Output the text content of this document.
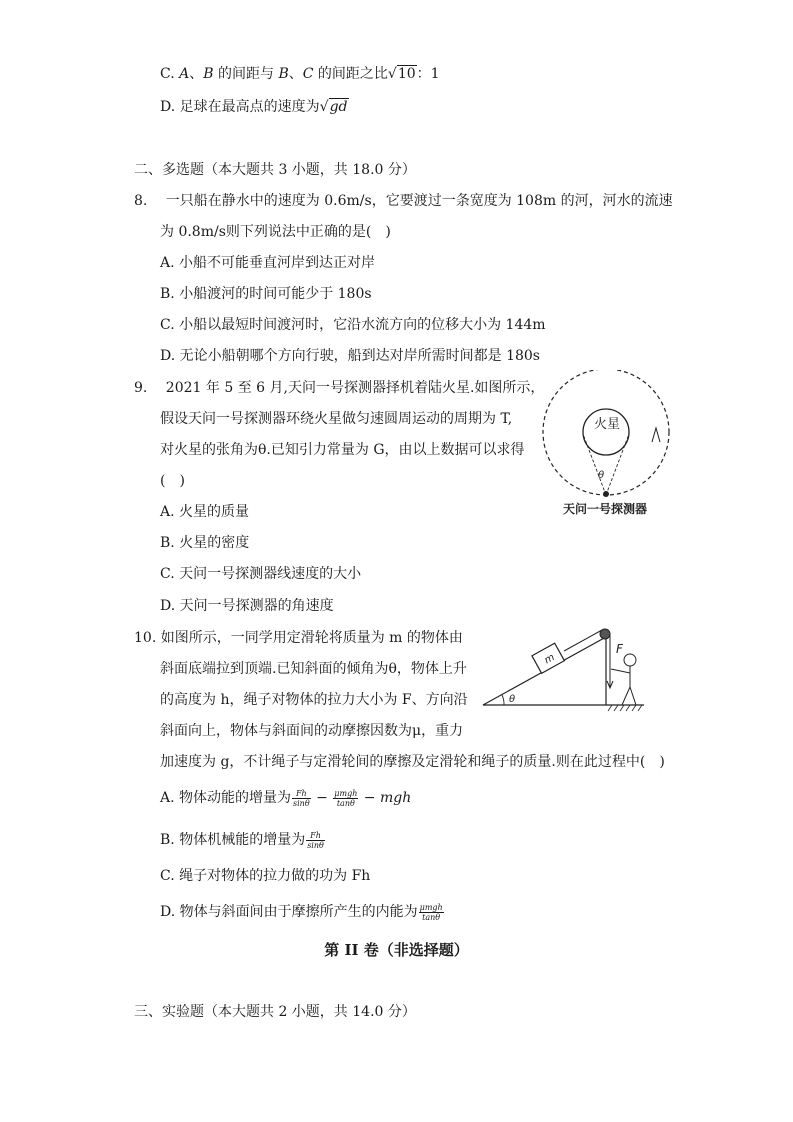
C. A、B 的间距与 B、C 的间距之比√10：1
D. 足球在最高点的速度为√gd
二、多选题（本大题共 3 小题，共 18.0 分）
8.　 一只船在静水中的速度为 0.6m/s，它要渡过一条宽度为 108m 的河，河水的流速
为 0.8m/s则下列说法中正确的是(　)
A. 小船不可能垂直河岸到达正对岸
B. 小船渡河的时间可能少于 180s
C. 小船以最短时间渡河时，它沿水流方向的位移大小为 144m
D. 无论小船朝哪个方向行驶，船到达对岸所需时间都是 180s
9.　 2021 年 5 至 6 月,天问一号探测器择机着陆火星.如图所示，
假设天问一号探测器环绕火星做匀速圆周运动的周期为 T,
对火星的张角为θ.已知引力常量为 G，由以上数据可以求得
(　)
A. 火星的质量
B. 火星的密度
C. 天问一号探测器线速度的大小
D. 天问一号探测器的角速度
火星
θ
天问一号探测器
10. 如图所示，一同学用定滑轮将质量为 m 的物体由
斜面底端拉到顶端.已知斜面的倾角为θ，物体上升
的高度为 h，绳子对物体的拉力大小为 F、方向沿
斜面向上，物体与斜面间的动摩擦因数为μ，重力
加速度为 g，不计绳子与定滑轮间的摩擦及定滑轮和绳子的质量.则在此过程中(　)
A. 物体动能的增量为 $\frac{Fh}{\sin\theta} - \frac{\text{μmgh}}{\tan\theta}$ − mgh
B. 物体机械能的增量为 $\frac{Fh}{\sin\theta}$
C. 绳子对物体的拉力做的功为 Fh
D. 物体与斜面间由于摩擦所产生的内能为 $\frac{\text{μmgh}}{\tan\theta}$
m
F
θ
第 II 卷（非选择题）
三、实验题（本大题共 2 小题，共 14.0 分）
